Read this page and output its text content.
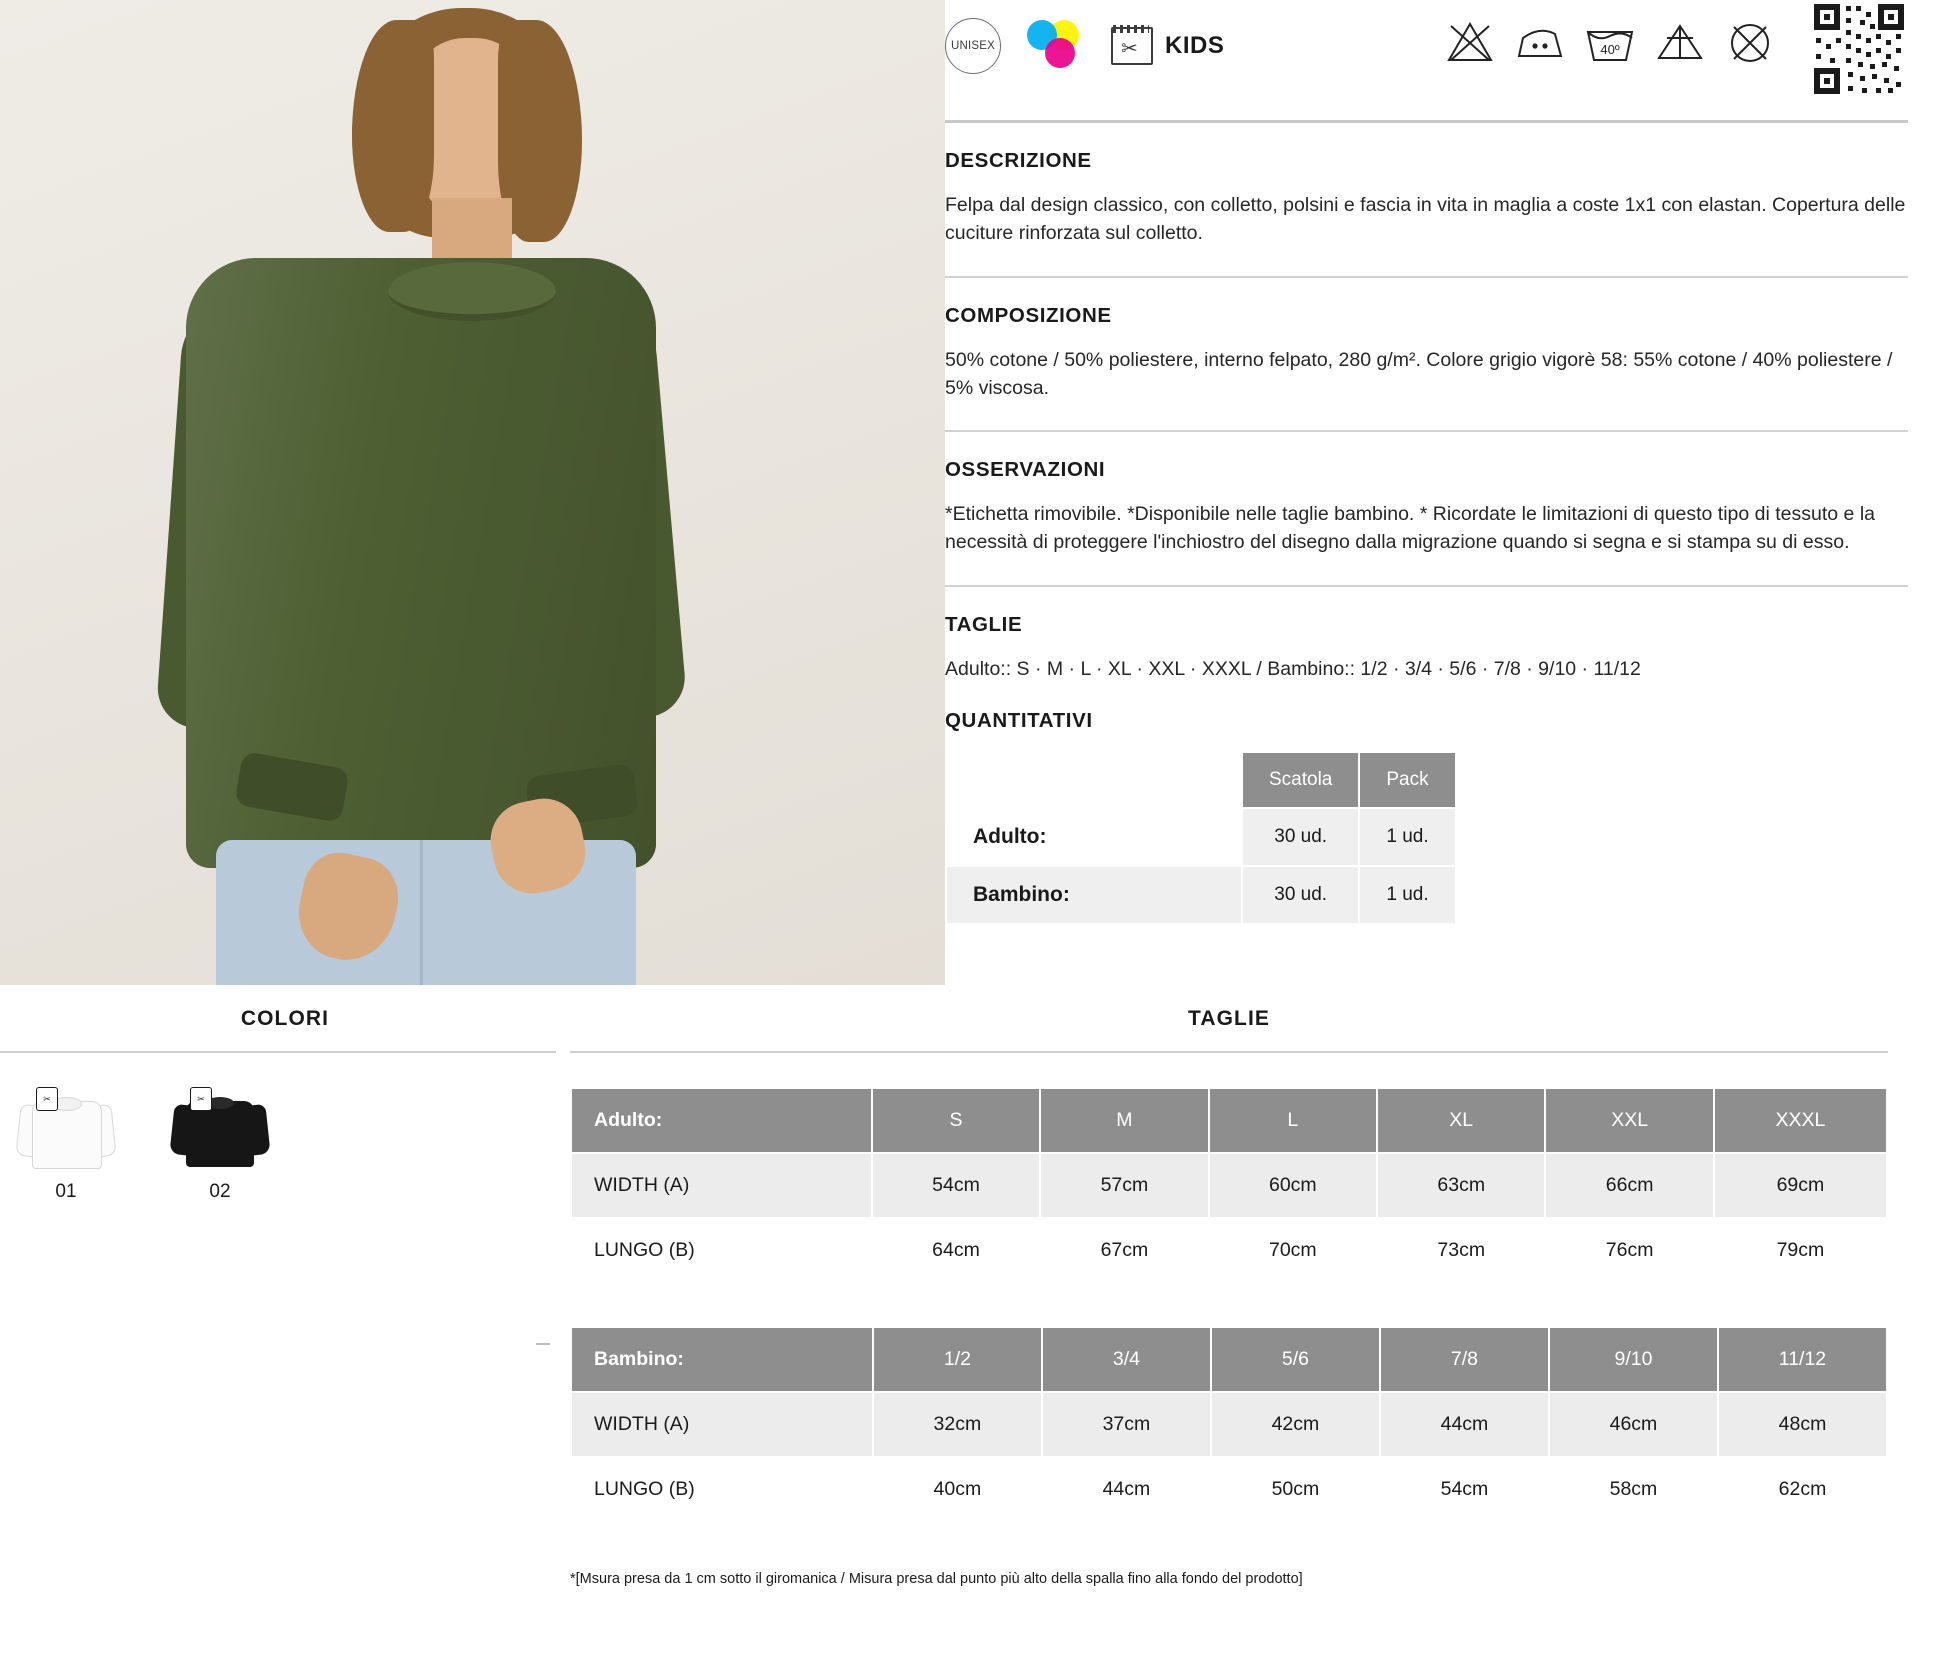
UNISEX	✂ KIDS	40º
DESCRIZIONE

Felpa dal design classico, con colletto, polsini e fascia in vita in maglia a coste 1x1 con elastan. Copertura delle cuciture rinforzata sul colletto.

COMPOSIZIONE

50% cotone / 50% poliestere, interno felpato, 280 g/m². Colore grigio vigorè 58: 55% cotone / 40% poliestere / 5% viscosa.

OSSERVAZIONI

*Etichetta rimovibile. *Disponibile nelle taglie bambino. * Ricordate le limitazioni di questo tipo di tessuto e la necessità di proteggere l'inchiostro del disegno dalla migrazione quando si segna e si stampa su di esso.

TAGLIE

Adulto:: S · M · L · XL · XXL · XXXL / Bambino:: 1/2 · 3/4 · 5/6 · 7/8 · 9/10 · 11/12

QUANTITATIVI
	Scatola	Pack
Adulto:	30 ud.	1 ud.
Bambino:	30 ud.	1 ud.
COLORI
✂
01
✂
02
TAGLIE
Adulto:	S	M	L	XL	XXL	XXXL
WIDTH (A)	54cm	57cm	60cm	63cm	66cm	69cm
LUNGO (B)	64cm	67cm	70cm	73cm	76cm	79cm
Bambino:	1/2	3/4	5/6	7/8	9/10	11/12
WIDTH (A)	32cm	37cm	42cm	44cm	46cm	48cm
LUNGO (B)	40cm	44cm	50cm	54cm	58cm	62cm
*[Msura presa da 1 cm sotto il giromanica / Misura presa dal punto più alto della spalla fino alla fondo del prodotto]
